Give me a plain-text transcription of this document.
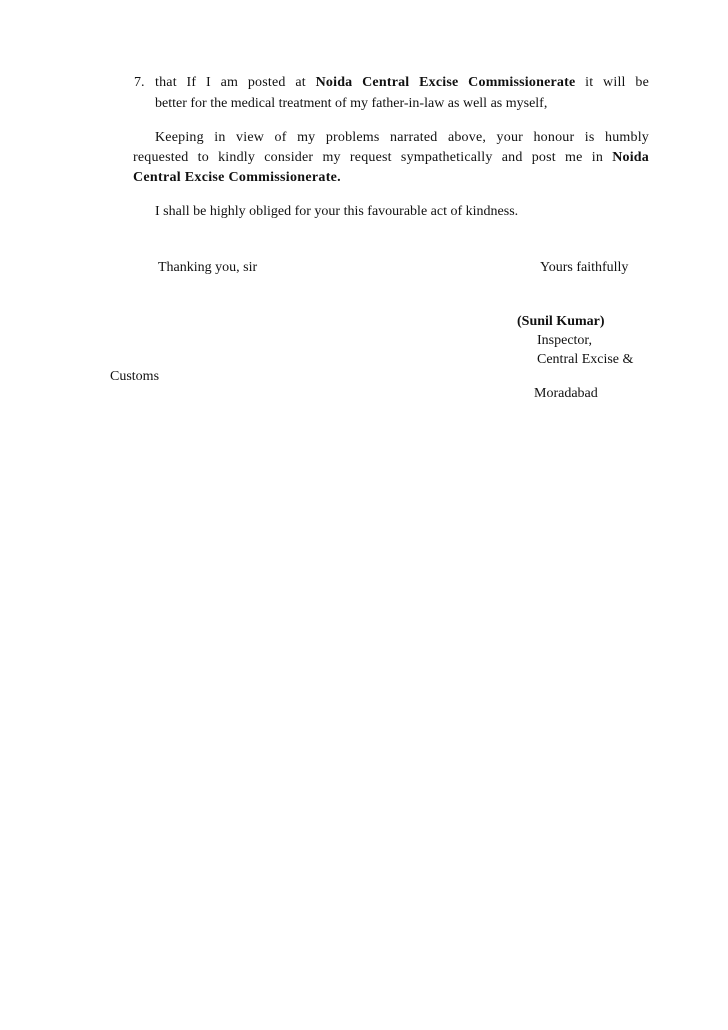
7. that If I am posted at Noida Central Excise Commissionerate it will be
better for the medical treatment of my father-in-law as well as myself,
Keeping in view of my problems narrated above, your honour is humbly
requested to kindly consider my request sympathetically and post me in Noida
Central Excise Commissionerate.
I shall be highly obliged for your this favourable act of kindness.
Thanking you, sir	Yours faithfully
(Sunil Kumar)
Inspector,
Central Excise &
Customs
Moradabad
